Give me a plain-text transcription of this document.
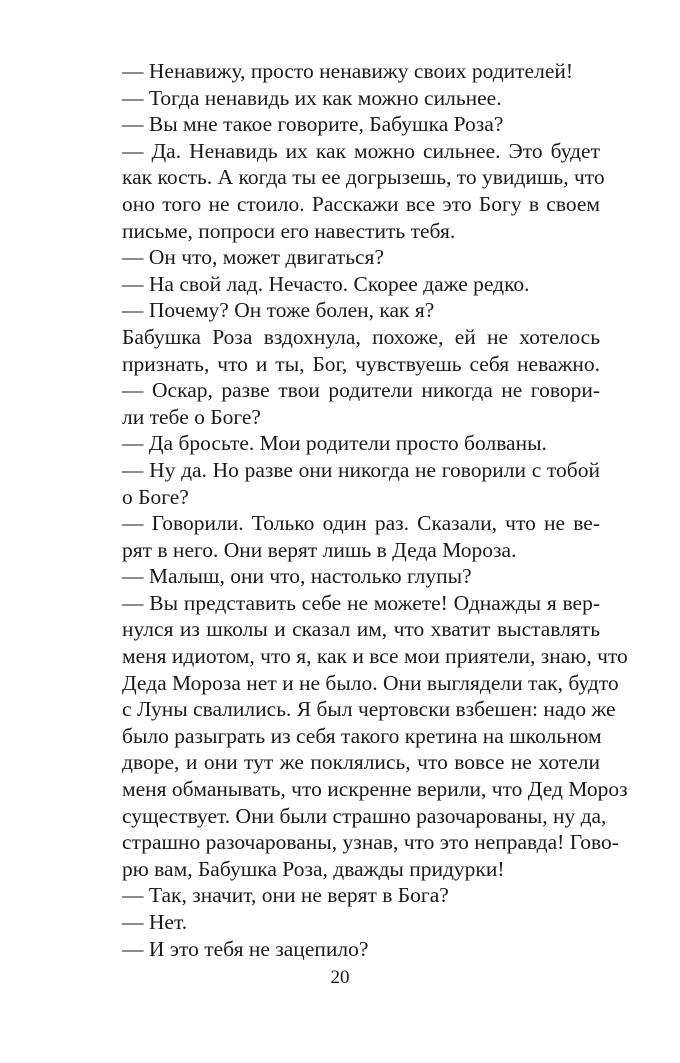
— Ненавижу, просто ненавижу своих родителей!
— Тогда ненавидь их как можно сильнее.
— Вы мне такое говорите, Бабушка Роза?
— Да. Ненавидь их как можно сильнее. Это будет
как кость. А когда ты ее догрызешь, то увидишь, что
оно того не стоило. Расскажи все это Богу в своем
письме, попроси его навестить тебя.
— Он что, может двигаться?
— На свой лад. Нечасто. Скорее даже редко.
— Почему? Он тоже болен, как я?
Бабушка Роза вздохнула, похоже, ей не хотелось
признать, что и ты, Бог, чувствуешь себя неважно.
— Оскар, разве твои родители никогда не говори-
ли тебе о Боге?
— Да бросьте. Мои родители просто болваны.
— Ну да. Но разве они никогда не говорили с тобой
о Боге?
— Говорили. Только один раз. Сказали, что не ве-
рят в него. Они верят лишь в Деда Мороза.
— Малыш, они что, настолько глупы?
— Вы представить себе не можете! Однажды я вер-
нулся из школы и сказал им, что хватит выставлять
меня идиотом, что я, как и все мои приятели, знаю, что
Деда Мороза нет и не было. Они выглядели так, будто
с Луны свалились. Я был чертовски взбешен: надо же
было разыграть из себя такого кретина на школьном
дворе, и они тут же поклялись, что вовсе не хотели
меня обманывать, что искренне верили, что Дед Мороз
существует. Они были страшно разочарованы, ну да,
страшно разочарованы, узнав, что это неправда! Гово-
рю вам, Бабушка Роза, дважды придурки!
— Так, значит, они не верят в Бога?
— Нет.
— И это тебя не зацепило?
20
